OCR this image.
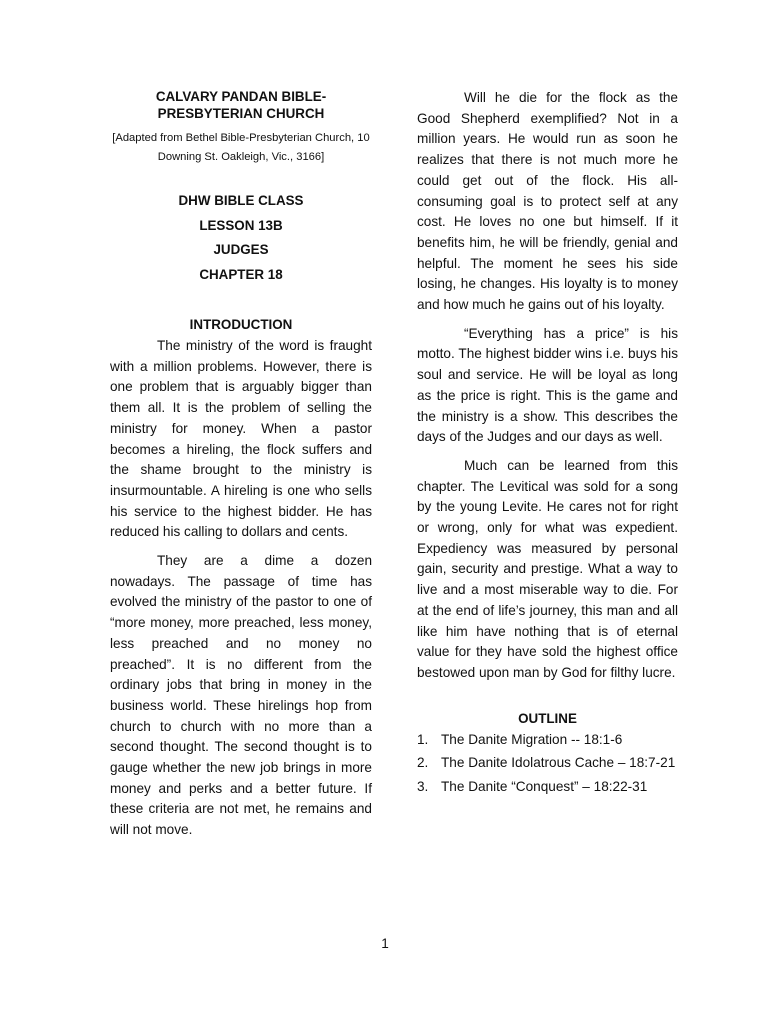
CALVARY PANDAN BIBLE-PRESBYTERIAN CHURCH

[Adapted from Bethel Bible-Presbyterian Church, 10 Downing St. Oakleigh, Vic., 3166]

DHW BIBLE CLASS
LESSON 13B
JUDGES
CHAPTER 18
INTRODUCTION

The ministry of the word is fraught with a million problems. However, there is one problem that is arguably bigger than them all. It is the problem of selling the ministry for money. When a pastor becomes a hireling, the flock suffers and the shame brought to the ministry is insurmountable. A hireling is one who sells his service to the highest bidder. He has reduced his calling to dollars and cents.

They are a dime a dozen nowadays. The passage of time has evolved the ministry of the pastor to one of “more money, more preached, less money, less preached and no money no preached”. It is no different from the ordinary jobs that bring in money in the business world. These hirelings hop from church to church with no more than a second thought. The second thought is to gauge whether the new job brings in more money and perks and a better future. If these criteria are not met, he remains and will not move.

Will he die for the flock as the Good Shepherd exemplified? Not in a million years. He would run as soon he realizes that there is not much more he could get out of the flock. His all-consuming goal is to protect self at any cost. He loves no one but himself. If it benefits him, he will be friendly, genial and helpful. The moment he sees his side losing, he changes. His loyalty is to money and how much he gains out of his loyalty.

“Everything has a price” is his motto. The highest bidder wins i.e. buys his soul and service. He will be loyal as long as the price is right. This is the game and the ministry is a show. This describes the days of the Judges and our days as well.

Much can be learned from this chapter. The Levitical was sold for a song by the young Levite. He cares not for right or wrong, only for what was expedient. Expediency was measured by personal gain, security and prestige. What a way to live and a most miserable way to die. For at the end of life’s journey, this man and all like him have nothing that is of eternal value for they have sold the highest office bestowed upon man by God for filthy lucre.

OUTLINE
1. The Danite Migration -- 18:1-6
2. The Danite Idolatrous Cache – 18:7-21
3. The Danite “Conquest” – 18:22-31
1
